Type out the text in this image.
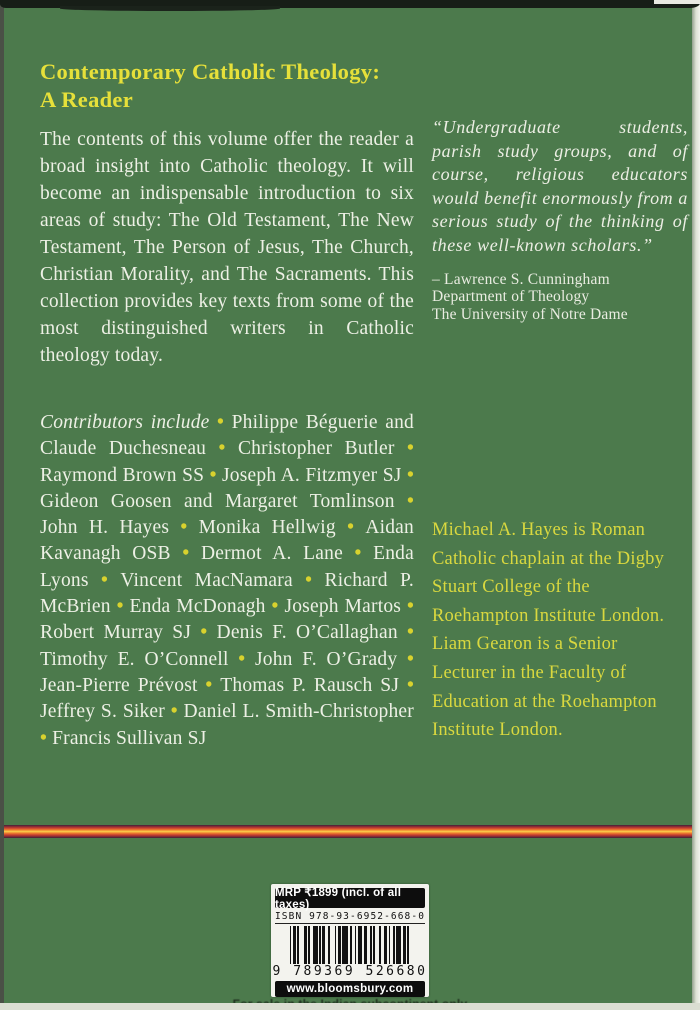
Contemporary Catholic Theology:
A Reader
The contents of this volume offer the reader a broad insight into Catholic theology. It will become an indispensable introduction to six areas of study: The Old Testament, The New Testament, The Person of Jesus, The Church, Christian Morality, and The Sacraments. This collection provides key texts from some of the most distinguished writers in Catholic theology today.
Contributors include • Philippe Béguerie and Claude Duchesneau • Christopher Butler • Raymond Brown SS • Joseph A. Fitzmyer SJ • Gideon Goosen and Margaret Tomlinson • John H. Hayes • Monika Hellwig • Aidan Kavanagh OSB • Dermot A. Lane • Enda Lyons • Vincent MacNamara • Richard P. McBrien • Enda McDonagh • Joseph Martos • Robert Murray SJ • Denis F. O’Callaghan • Timothy E. O’Connell • John F. O’Grady • Jean-Pierre Prévost • Thomas P. Rausch SJ • Jeffrey S. Siker • Daniel L. Smith-Christopher • Francis Sullivan SJ
“Undergraduate students, parish study groups, and of course, religious educators would benefit enormously from a serious study of the thinking of these well-known scholars.”
– Lawrence S. Cunningham
Department of Theology
The University of Notre Dame
Michael A. Hayes is Roman Catholic chaplain at the Digby Stuart College of the Roehampton Institute London. Liam Gearon is a Senior Lecturer in the Faculty of Education at the Roehampton Institute London.
MRP ₹1899 (incl. of all taxes)
ISBN 978-93-6952-668-0
9 789369 526680
www.bloomsbury.com
